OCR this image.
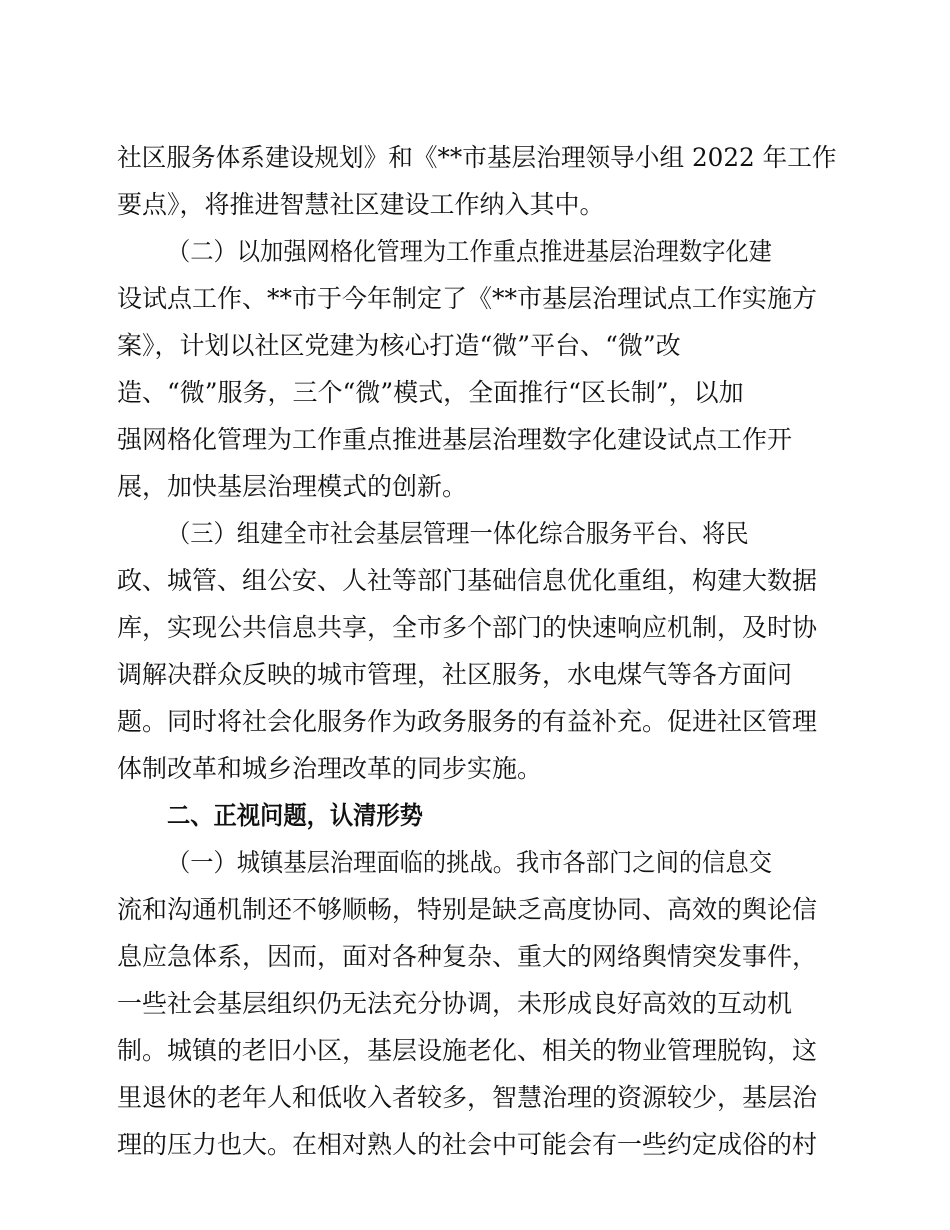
社区服务体系建设规划》和《**市基层治理领导小组 2022 年工作
要点》，将推进智慧社区建设工作纳入其中。
（二）以加强网格化管理为工作重点推进基层治理数字化建
设试点工作、**市于今年制定了《**市基层治理试点工作实施方
案》，计划以社区党建为核心打造“微”平台、“微”改
造、“微”服务，三个“微”模式，全面推行“区长制”，以加
强网格化管理为工作重点推进基层治理数字化建设试点工作开
展，加快基层治理模式的创新。
（三）组建全市社会基层管理一体化综合服务平台、将民
政、城管、组公安、人社等部门基础信息优化重组，构建大数据
库，实现公共信息共享，全市多个部门的快速响应机制，及时协
调解决群众反映的城市管理，社区服务，水电煤气等各方面问
题。同时将社会化服务作为政务服务的有益补充。促进社区管理
体制改革和城乡治理改革的同步实施。
二、正视问题，认清形势
（一）城镇基层治理面临的挑战。我市各部门之间的信息交
流和沟通机制还不够顺畅，特别是缺乏高度协同、高效的舆论信
息应急体系，因而，面对各种复杂、重大的网络舆情突发事件，
一些社会基层组织仍无法充分协调，未形成良好高效的互动机
制。城镇的老旧小区，基层设施老化、相关的物业管理脱钩，这
里退休的老年人和低收入者较多，智慧治理的资源较少，基层治
理的压力也大。在相对熟人的社会中可能会有一些约定成俗的村
